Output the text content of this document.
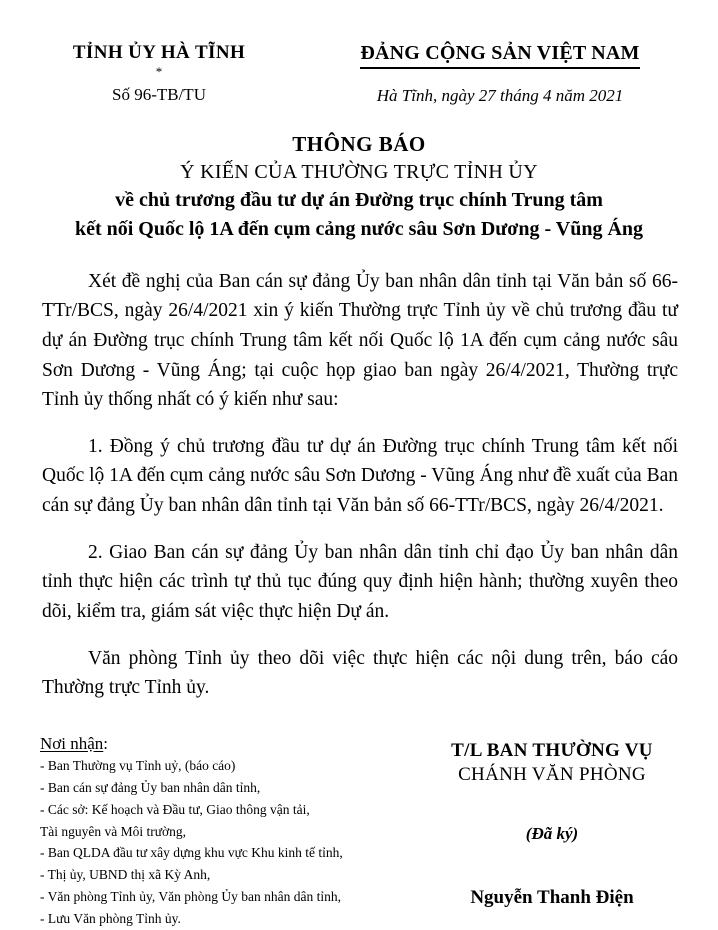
TỈNH ỦY HÀ TĨNH
*
Số 96-TB/TU
ĐẢNG CỘNG SẢN VIỆT NAM
Hà Tĩnh, ngày 27 tháng 4 năm 2021
THÔNG BÁO
Ý KIẾN CỦA THƯỜNG TRỰC TỈNH ỦY
về chủ trương đầu tư dự án Đường trục chính Trung tâm
kết nối Quốc lộ 1A đến cụm cảng nước sâu Sơn Dương - Vũng Áng

Xét đề nghị của Ban cán sự đảng Ủy ban nhân dân tỉnh tại Văn bản số 66-TTr/BCS, ngày 26/4/2021 xin ý kiến Thường trực Tỉnh ủy về chủ trương đầu tư dự án Đường trục chính Trung tâm kết nối Quốc lộ 1A đến cụm cảng nước sâu Sơn Dương - Vũng Áng; tại cuộc họp giao ban ngày 26/4/2021, Thường trực Tỉnh ủy thống nhất có ý kiến như sau:

1. Đồng ý chủ trương đầu tư dự án Đường trục chính Trung tâm kết nối Quốc lộ 1A đến cụm cảng nước sâu Sơn Dương - Vũng Áng như đề xuất của Ban cán sự đảng Ủy ban nhân dân tỉnh tại Văn bản số 66-TTr/BCS, ngày 26/4/2021.

2. Giao Ban cán sự đảng Ủy ban nhân dân tỉnh chỉ đạo Ủy ban nhân dân tỉnh thực hiện các trình tự thủ tục đúng quy định hiện hành; thường xuyên theo dõi, kiểm tra, giám sát việc thực hiện Dự án.

Văn phòng Tỉnh ủy theo dõi việc thực hiện các nội dung trên, báo cáo Thường trực Tỉnh ủy.

Nơi nhận:
- Ban Thường vụ Tỉnh uỷ, (báo cáo)
- Ban cán sự đảng Ủy ban nhân dân tỉnh,
- Các sở: Kế hoạch và Đầu tư, Giao thông vận tải,
Tài nguyên và Môi trường,
- Ban QLDA đầu tư xây dựng khu vực Khu kinh tế tỉnh,
- Thị ủy, UBND thị xã Kỳ Anh,
- Văn phòng Tỉnh ủy, Văn phòng Ủy ban nhân dân tỉnh,
- Lưu Văn phòng Tỉnh ủy.
T/L BAN THƯỜNG VỤ
CHÁNH VĂN PHÒNG
(Đã ký)
Nguyễn Thanh Điện
